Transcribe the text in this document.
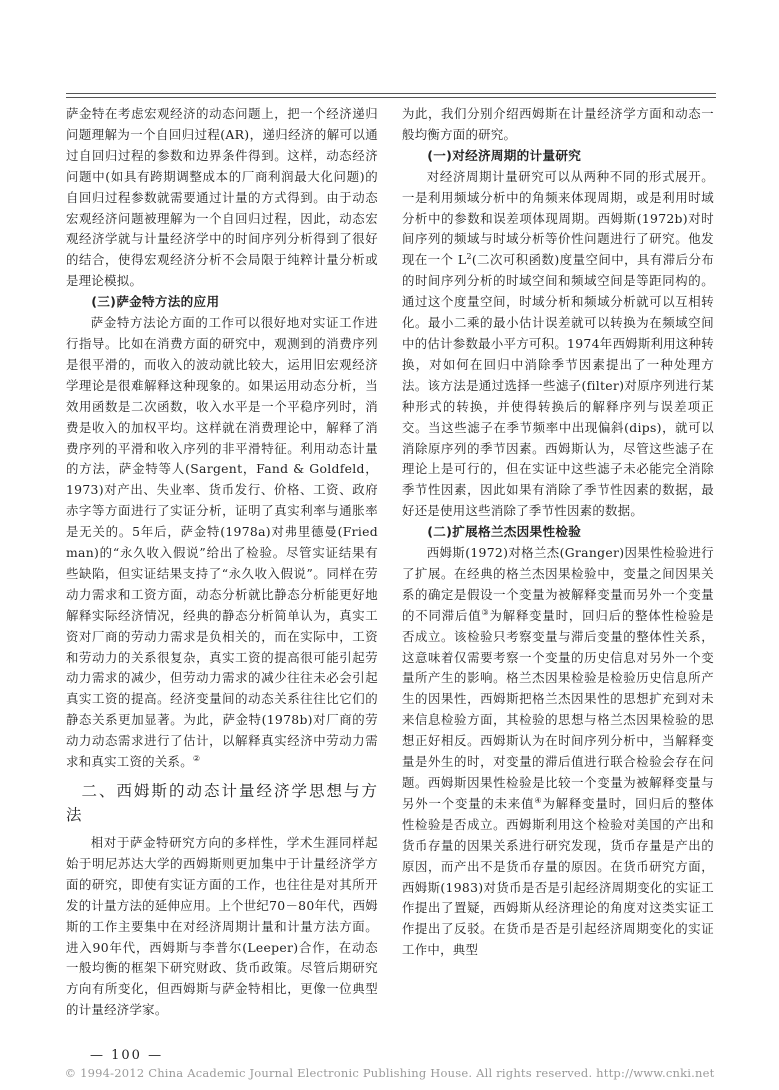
萨金特在考虑宏观经济的动态问题上，把一个经济递归问题理解为一个自回归过程(AR)，递归经济的解可以通过自回归过程的参数和边界条件得到。这样，动态经济问题中(如具有跨期调整成本的厂商利润最大化问题)的自回归过程参数就需要通过计量的方式得到。由于动态宏观经济问题被理解为一个自回归过程，因此，动态宏观经济学就与计量经济学中的时间序列分析得到了很好的结合，使得宏观经济分析不会局限于纯粹计量分析或是理论模拟。

(三)萨金特方法的应用

萨金特方法论方面的工作可以很好地对实证工作进行指导。比如在消费方面的研究中，观测到的消费序列是很平滑的，而收入的波动就比较大，运用旧宏观经济学理论是很难解释这种现象的。如果运用动态分析，当效用函数是二次函数，收入水平是一个平稳序列时，消费是收入的加权平均。这样就在消费理论中，解释了消费序列的平滑和收入序列的非平滑特征。利用动态计量的方法，萨金特等人(Sargent，Fand & Goldfeld，1973)对产出、失业率、货币发行、价格、工资、政府赤字等方面进行了实证分析，证明了真实利率与通胀率是无关的。5年后，萨金特(1978a)对弗里德曼(Friedman)的“永久收入假说”给出了检验。尽管实证结果有些缺陷，但实证结果支持了“永久收入假说”。同样在劳动力需求和工资方面，动态分析就比静态分析能更好地解释实际经济情况，经典的静态分析简单认为，真实工资对厂商的劳动力需求是负相关的，而在实际中，工资和劳动力的关系很复杂，真实工资的提高很可能引起劳动力需求的减少，但劳动力需求的减少往往未必会引起真实工资的提高。经济变量间的动态关系往往比它们的静态关系更加显著。为此，萨金特(1978b)对厂商的劳动力动态需求进行了估计，以解释真实经济中劳动力需求和真实工资的关系。②

二、西姆斯的动态计量经济学思想与方法

相对于萨金特研究方向的多样性，学术生涯同样起始于明尼苏达大学的西姆斯则更加集中于计量经济学方面的研究，即使有实证方面的工作，也往往是对其所开发的计量方法的延伸应用。上个世纪70－80年代，西姆斯的工作主要集中在对经济周期计量和计量方法方面。进入90年代，西姆斯与李普尔(Leeper)合作，在动态一般均衡的框架下研究财政、货币政策。尽管后期研究方向有所变化，但西姆斯与萨金特相比，更像一位典型的计量经济学家。

为此，我们分别介绍西姆斯在计量经济学方面和动态一般均衡方面的研究。

(一)对经济周期的计量研究

对经济周期计量研究可以从两种不同的形式展开。一是利用频域分析中的角频来体现周期，或是利用时域分析中的参数和误差项体现周期。西姆斯(1972b)对时间序列的频域与时域分析等价性问题进行了研究。他发现在一个 $L^2$(二次可积函数)度量空间中，具有滞后分布的时间序列分析的时域空间和频域空间是等距同构的。通过这个度量空间，时域分析和频域分析就可以互相转化。最小二乘的最小估计误差就可以转换为在频域空间中的估计参数最小平方可积。1974年西姆斯利用这种转换，对如何在回归中消除季节因素提出了一种处理方法。该方法是通过选择一些滤子(filter)对原序列进行某种形式的转换，并使得转换后的解释序列与误差项正交。当这些滤子在季节频率中出现偏斜(dips)，就可以消除原序列的季节因素。西姆斯认为，尽管这些滤子在理论上是可行的，但在实证中这些滤子未必能完全消除季节性因素，因此如果有消除了季节性因素的数据，最好还是使用这些消除了季节性因素的数据。

(二)扩展格兰杰因果性检验

西姆斯(1972)对格兰杰(Granger)因果性检验进行了扩展。在经典的格兰杰因果检验中，变量之间因果关系的确定是假设一个变量为被解释变量而另外一个变量的不同滞后值③为解释变量时，回归后的整体性检验是否成立。该检验只考察变量与滞后变量的整体性关系，这意味着仅需要考察一个变量的历史信息对另外一个变量所产生的影响。格兰杰因果检验是检验历史信息所产生的因果性，西姆斯把格兰杰因果性的思想扩充到对未来信息检验方面，其检验的思想与格兰杰因果检验的思想正好相反。西姆斯认为在时间序列分析中，当解释变量是外生的时，对变量的滞后值进行联合检验会存在问题。西姆斯因果性检验是比较一个变量为被解释变量与另外一个变量的未来值④为解释变量时，回归后的整体性检验是否成立。西姆斯利用这个检验对美国的产出和货币存量的因果关系进行研究发现，货币存量是产出的原因，而产出不是货币存量的原因。在货币研究方面，西姆斯(1983)对货币是否是引起经济周期变化的实证工作提出了置疑，西姆斯从经济理论的角度对这类实证工作提出了反驳。在货币是否是引起经济周期变化的实证工作中，典型

— 100 —
© 1994-2012 China Academic Journal Electronic Publishing House. All rights reserved. http://www.cnki.net
